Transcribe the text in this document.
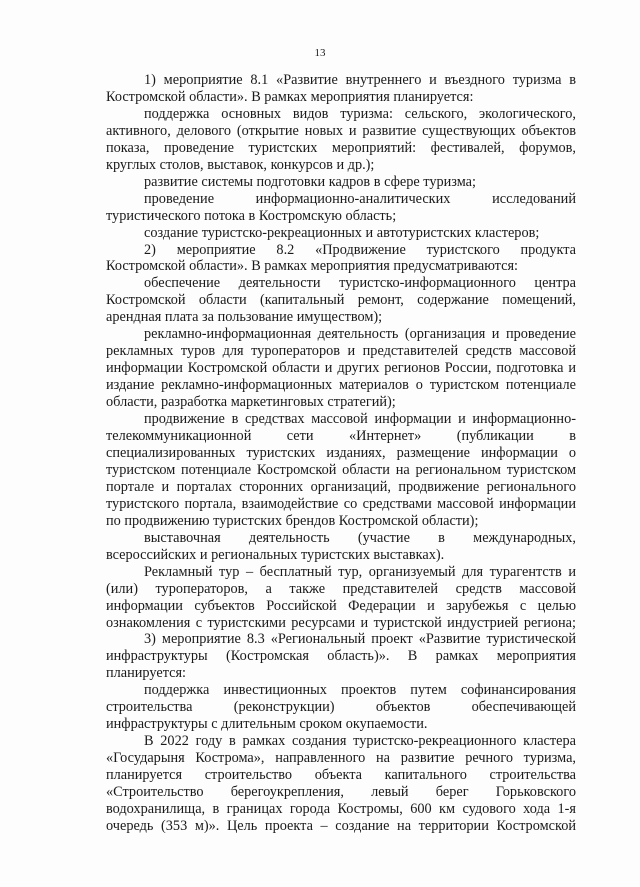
13
1) мероприятие 8.1 «Развитие внутреннего и въездного туризма в
Костромской области». В рамках мероприятия планируется:
поддержка основных видов туризма: сельского, экологического,
активного, делового (открытие новых и развитие существующих объектов
показа, проведение туристских мероприятий: фестивалей, форумов,
круглых столов, выставок, конкурсов и др.);
развитие системы подготовки кадров в сфере туризма;
проведение информационно-аналитических исследований
туристического потока в Костромскую область;
создание туристско-рекреационных и автотуристских кластеров;
2) мероприятие 8.2 «Продвижение туристского продукта
Костромской области». В рамках мероприятия предусматриваются:
обеспечение деятельности туристско-информационного центра
Костромской области (капитальный ремонт, содержание помещений,
арендная плата за пользование имуществом);
рекламно-информационная деятельность (организация и проведение
рекламных туров для туроператоров и представителей средств массовой
информации Костромской области и других регионов России, подготовка и
издание рекламно-информационных материалов о туристском потенциале
области, разработка маркетинговых стратегий);
продвижение в средствах массовой информации и информационно-
телекоммуникационной сети «Интернет» (публикации в
специализированных туристских изданиях, размещение информации о
туристском потенциале Костромской области на региональном туристском
портале и порталах сторонних организаций, продвижение регионального
туристского портала, взаимодействие со средствами массовой информации
по продвижению туристских брендов Костромской области);
выставочная деятельность (участие в международных,
всероссийских и региональных туристских выставках).
Рекламный тур – бесплатный тур, организуемый для турагентств и
(или) туроператоров, а также представителей средств массовой
информации субъектов Российской Федерации и зарубежья с целью
ознакомления с туристскими ресурсами и туристской индустрией региона;
3) мероприятие 8.3 «Региональный проект «Развитие туристической
инфраструктуры (Костромская область)». В рамках мероприятия
планируется:
поддержка инвестиционных проектов путем софинансирования
строительства (реконструкции) объектов обеспечивающей
инфраструктуры с длительным сроком окупаемости.
В 2022 году в рамках создания туристско-рекреационного кластера
«Государыня Кострома», направленного на развитие речного туризма,
планируется строительство объекта капитального строительства
«Строительство берегоукрепления, левый берег Горьковского
водохранилища, в границах города Костромы, 600 км судового хода 1-я
очередь (353 м)». Цель проекта – создание на территории Костромской
